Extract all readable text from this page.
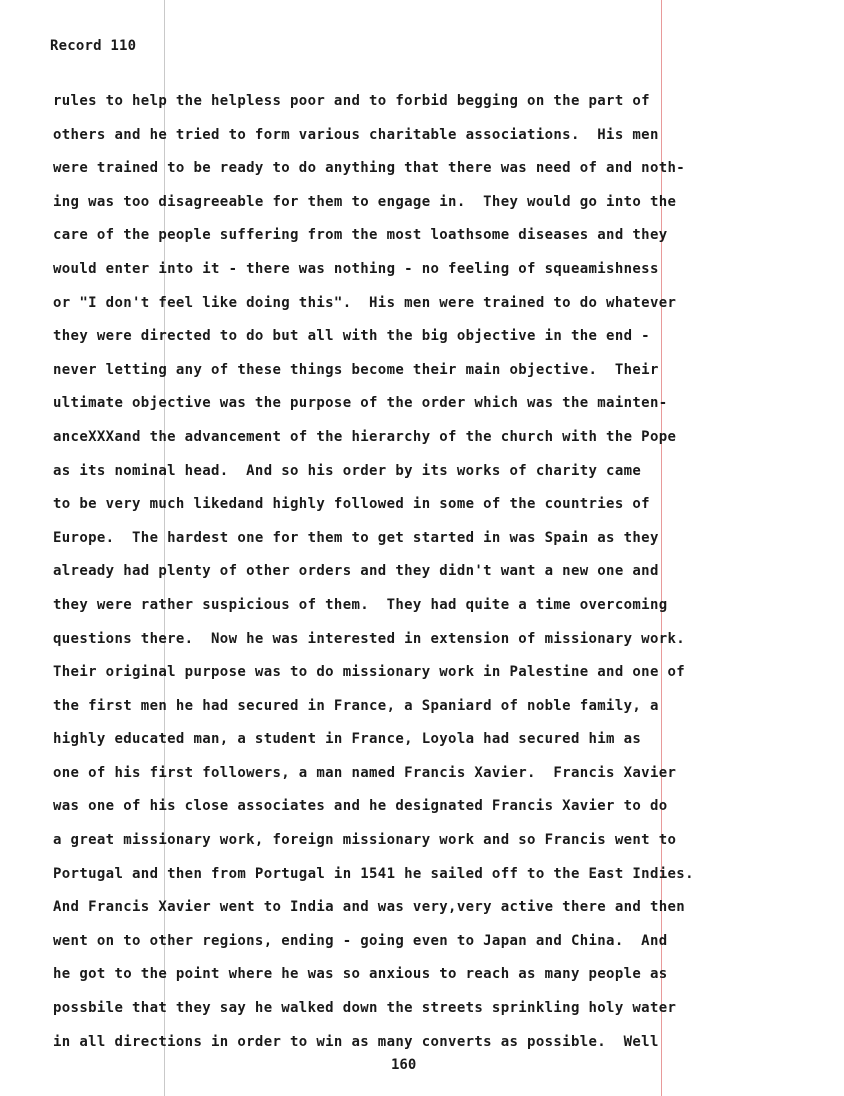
Record 110
rules to help the helpless poor and to forbid begging on the part of
others and he tried to form various charitable associations.  His men
were trained to be ready to do anything that there was need of and noth-
ing was too disagreeable for them to engage in.  They would go into the
care of the people suffering from the most loathsome diseases and they
would enter into it - there was nothing - no feeling of squeamishness
or "I don't feel like doing this".  His men were trained to do whatever
they were directed to do but all with the big objective in the end -
never letting any of these things become their main objective.  Their
ultimate objective was the purpose of the order which was the mainten-
anceXXXand the advancement of the hierarchy of the church with the Pope
as its nominal head.  And so his order by its works of charity came
to be very much likedand highly followed in some of the countries of
Europe.  The hardest one for them to get started in was Spain as they
already had plenty of other orders and they didn't want a new one and
they were rather suspicious of them.  They had quite a time overcoming
questions there.  Now he was interested in extension of missionary work.
Their original purpose was to do missionary work in Palestine and one of
the first men he had secured in France, a Spaniard of noble family, a
highly educated man, a student in France, Loyola had secured him as
one of his first followers, a man named Francis Xavier.  Francis Xavier
was one of his close associates and he designated Francis Xavier to do
a great missionary work, foreign missionary work and so Francis went to
Portugal and then from Portugal in 1541 he sailed off to the East Indies.
And Francis Xavier went to India and was very,very active there and then
went on to other regions, ending - going even to Japan and China.  And
he got to the point where he was so anxious to reach as many people as
possbile that they say he walked down the streets sprinkling holy water
in all directions in order to win as many converts as possible.  Well
160
